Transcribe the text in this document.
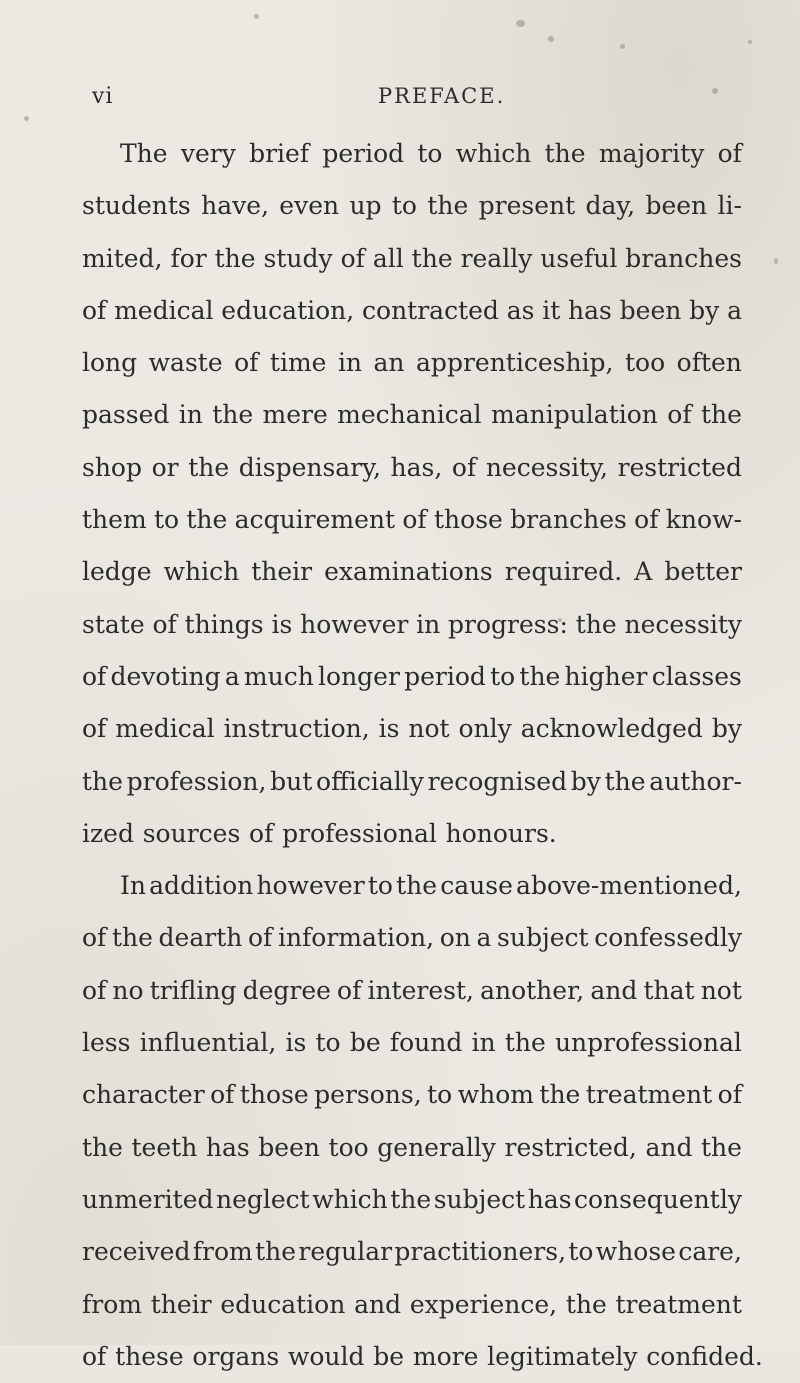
vi	PREFACE.
The very brief period to which the majority of
students have, even up to the present day, been li-
mited, for the study of all the really useful branches
of medical education, contracted as it has been by a
long waste of time in an apprenticeship, too often
passed in the mere mechanical manipulation of the
shop or the dispensary, has, of necessity, restricted
them to the acquirement of those branches of know-
ledge which their examinations required. A better
state of things is however in progress: the necessity
of devoting a much longer period to the higher classes
of medical instruction, is not only acknowledged by
the profession, but officially recognised by the author-
ized sources of professional honours.
In addition however to the cause above-mentioned,
of the dearth of information, on a subject confessedly
of no trifling degree of interest, another, and that not
less influential, is to be found in the unprofessional
character of those persons, to whom the treatment of
the teeth has been too generally restricted, and the
unmerited neglect which the subject has consequently
received from the regular practitioners, to whose care,
from their education and experience, the treatment
of these organs would be more legitimately confided.
